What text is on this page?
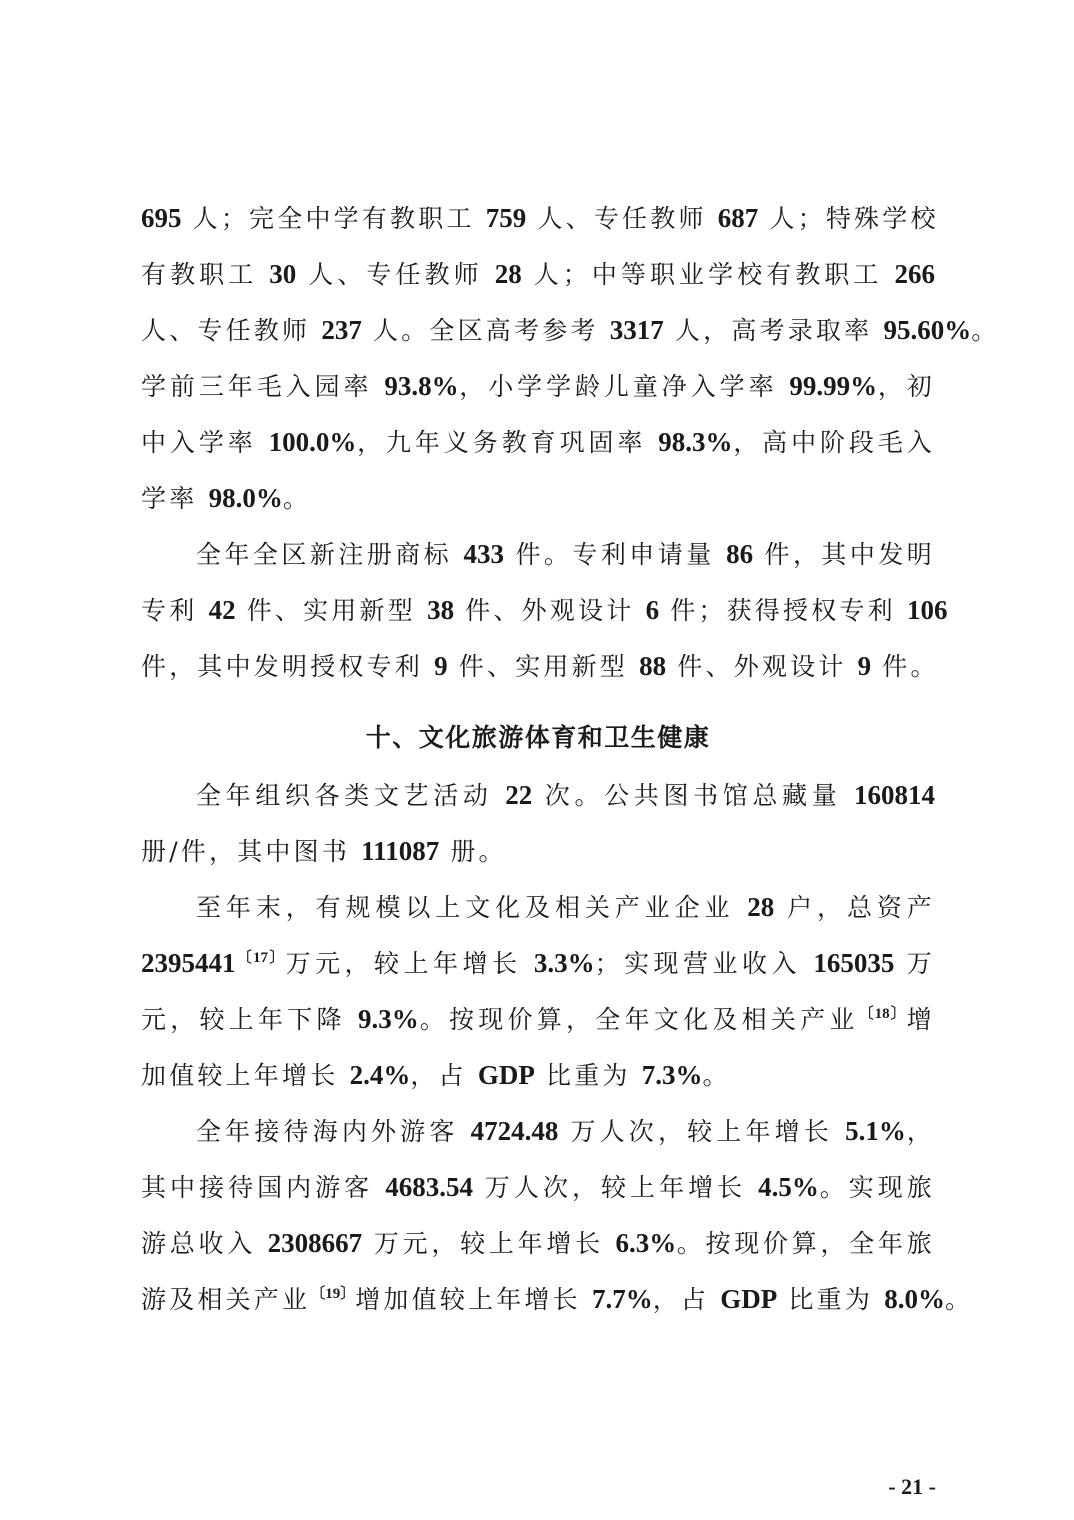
695 人；完全中学有教职工 759 人、专任教师 687 人；特殊学校
有教职工 30 人、专任教师 28 人；中等职业学校有教职工 266
人、专任教师 237 人。全区高考参考 3317 人，高考录取率 95.60%。
学前三年毛入园率 93.8%，小学学龄儿童净入学率 99.99%，初
中入学率 100.0%，九年义务教育巩固率 98.3%，高中阶段毛入
学率 98.0%。
全年全区新注册商标 433 件。专利申请量 86 件，其中发明
专利 42 件、实用新型 38 件、外观设计 6 件；获得授权专利 106
件，其中发明授权专利 9 件、实用新型 88 件、外观设计 9 件。
十、文化旅游体育和卫生健康
全年组织各类文艺活动 22 次。公共图书馆总藏量 160814
册/件，其中图书 111087 册。
至年末，有规模以上文化及相关产业企业 28 户，总资产
$2395441^{〔17〕}$万元，较上年增长 3.3%；实现营业收入 165035 万
元，较上年下降 9.3%。按现价算，全年文化及相关产业$^{〔18〕}$增
加值较上年增长 2.4%，占 GDP 比重为 7.3%。
全年接待海内外游客 4724.48 万人次，较上年增长 5.1%，
其中接待国内游客 4683.54 万人次，较上年增长 4.5%。实现旅
游总收入 2308667 万元，较上年增长 6.3%。按现价算，全年旅
游及相关产业$^{〔19〕}$增加值较上年增长 7.7%，占 GDP 比重为 8.0%。
- 21 -
